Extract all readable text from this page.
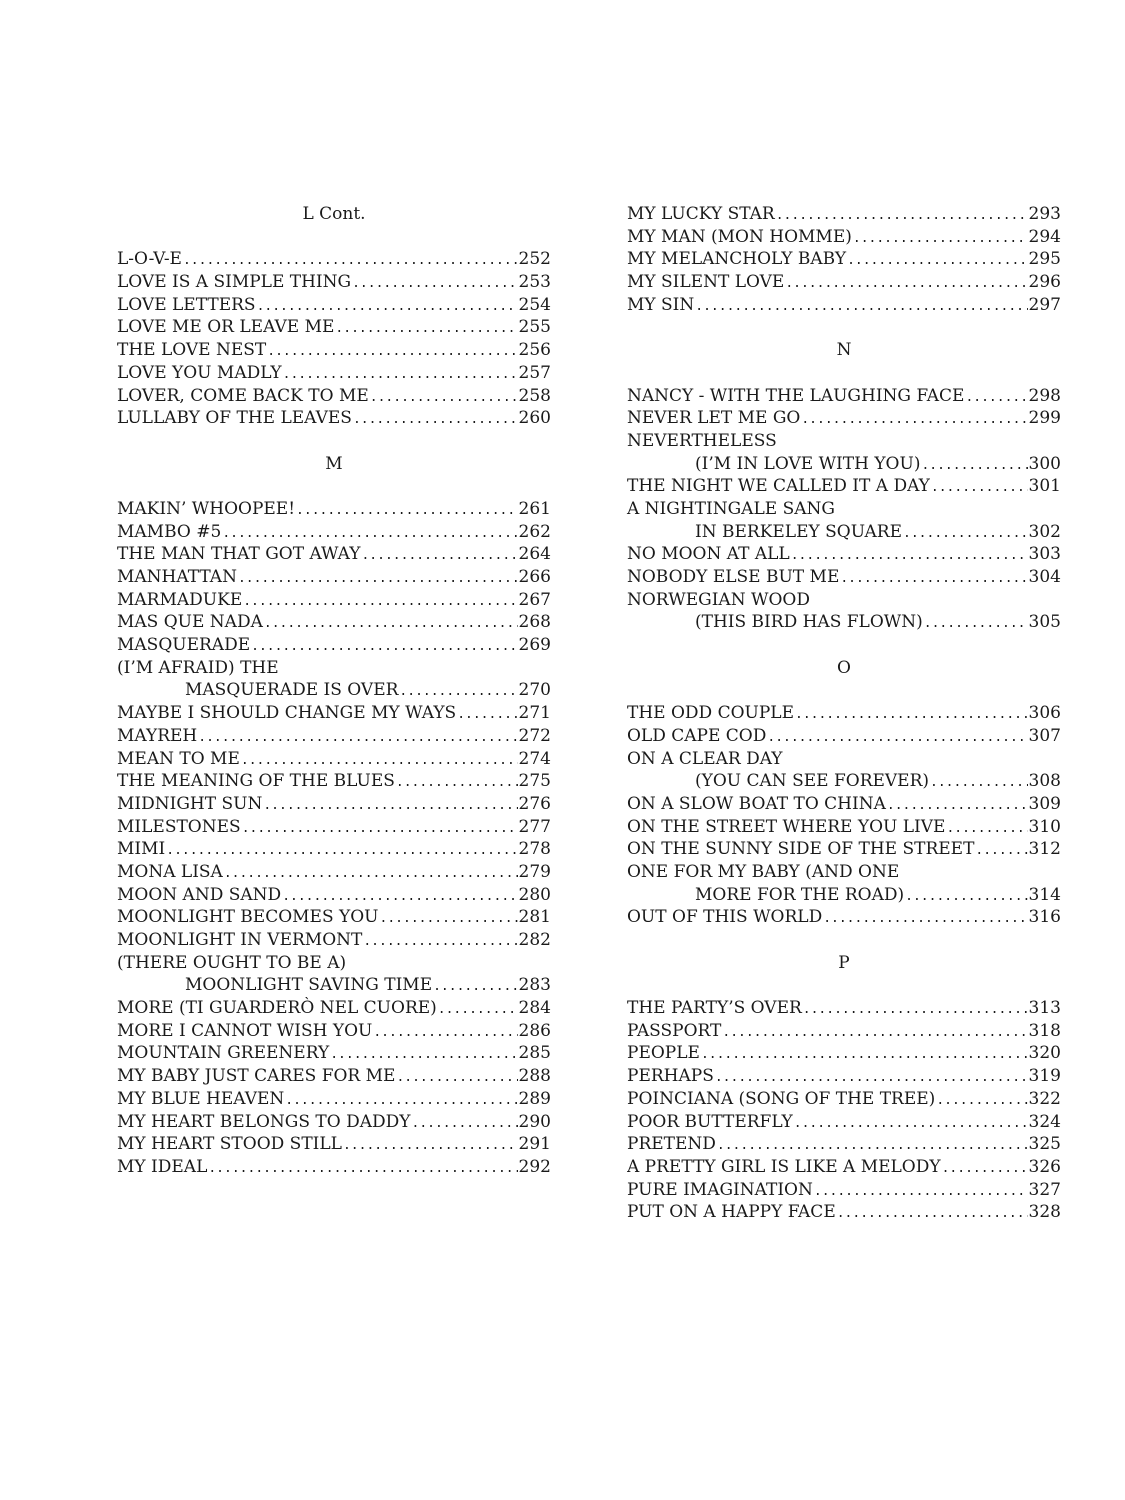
L Cont.
L-O-V-E .....	252
LOVE IS A SIMPLE THING .....	253
LOVE LETTERS .....	254
LOVE ME OR LEAVE ME .....	255
THE LOVE NEST .....	256
LOVE YOU MADLY .....	257
LOVER, COME BACK TO ME .....	258
LULLABY OF THE LEAVES .....	260
M
MAKIN’ WHOOPEE! .....	261
MAMBO #5 .....	262
THE MAN THAT GOT AWAY .....	264
MANHATTAN .....	266
MARMADUKE .....	267
MAS QUE NADA .....	268
MASQUERADE .....	269
(I’M AFRAID) THE
MASQUERADE IS OVER .....	270
MAYBE I SHOULD CHANGE MY WAYS .....	271
MAYREH .....	272
MEAN TO ME .....	274
THE MEANING OF THE BLUES .....	275
MIDNIGHT SUN .....	276
MILESTONES .....	277
MIMI .....	278
MONA LISA .....	279
MOON AND SAND .....	280
MOONLIGHT BECOMES YOU .....	281
MOONLIGHT IN VERMONT .....	282
(THERE OUGHT TO BE A)
MOONLIGHT SAVING TIME .....	283
MORE (TI GUARDERÒ NEL CUORE) .....	284
MORE I CANNOT WISH YOU .....	286
MOUNTAIN GREENERY .....	285
MY BABY JUST CARES FOR ME .....	288
MY BLUE HEAVEN .....	289
MY HEART BELONGS TO DADDY .....	290
MY HEART STOOD STILL .....	291
MY IDEAL .....	292
MY LUCKY STAR .....	293
MY MAN (MON HOMME) .....	294
MY MELANCHOLY BABY .....	295
MY SILENT LOVE .....	296
MY SIN .....	297
N
NANCY - WITH THE LAUGHING FACE .....	298
NEVER LET ME GO .....	299
NEVERTHELESS
(I’M IN LOVE WITH YOU) .....	300
THE NIGHT WE CALLED IT A DAY .....	301
A NIGHTINGALE SANG
IN BERKELEY SQUARE .....	302
NO MOON AT ALL .....	303
NOBODY ELSE BUT ME .....	304
NORWEGIAN WOOD
(THIS BIRD HAS FLOWN) .....	305
O
THE ODD COUPLE .....	306
OLD CAPE COD .....	307
ON A CLEAR DAY
(YOU CAN SEE FOREVER) .....	308
ON A SLOW BOAT TO CHINA .....	309
ON THE STREET WHERE YOU LIVE .....	310
ON THE SUNNY SIDE OF THE STREET .....	312
ONE FOR MY BABY (AND ONE
MORE FOR THE ROAD) .....	314
OUT OF THIS WORLD .....	316
P
THE PARTY’S OVER .....	313
PASSPORT .....	318
PEOPLE .....	320
PERHAPS .....	319
POINCIANA (SONG OF THE TREE) .....	322
POOR BUTTERFLY .....	324
PRETEND .....	325
A PRETTY GIRL IS LIKE A MELODY .....	326
PURE IMAGINATION .....	327
PUT ON A HAPPY FACE .....	328
